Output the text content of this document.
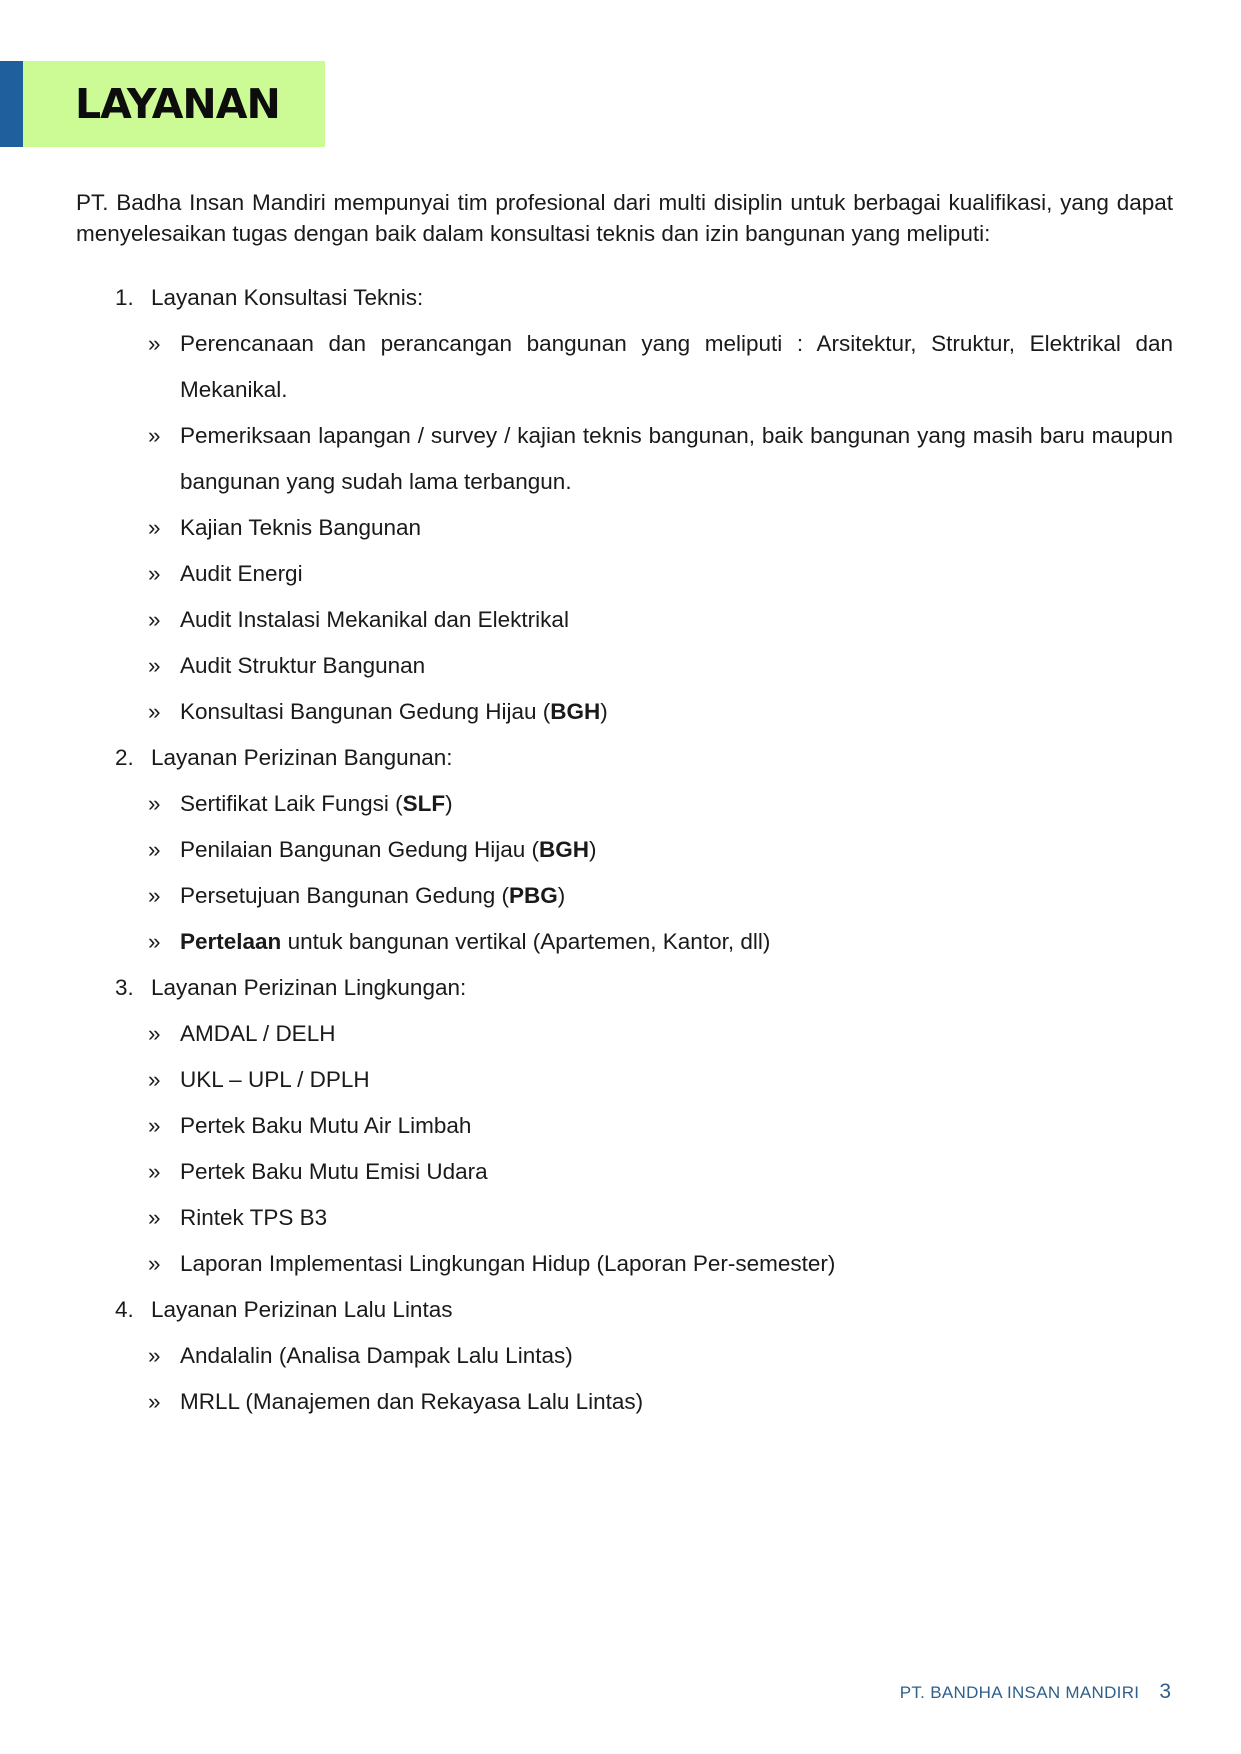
LAYANAN

PT. Badha Insan Mandiri mempunyai tim profesional dari multi disiplin untuk berbagai kualifikasi, yang dapat menyelesaikan tugas dengan baik dalam konsultasi teknis dan izin bangunan yang meliputi:

1. Layanan Konsultasi Teknis:
» Perencanaan dan perancangan bangunan yang meliputi : Arsitektur, Struktur, Elektrikal dan Mekanikal.
» Pemeriksaan lapangan / survey / kajian teknis bangunan, baik bangunan yang masih baru maupun bangunan yang sudah lama terbangun.
» Kajian Teknis Bangunan
» Audit Energi
» Audit Instalasi Mekanikal dan Elektrikal
» Audit Struktur Bangunan
» Konsultasi Bangunan Gedung Hijau (BGH)
2. Layanan Perizinan Bangunan:
» Sertifikat Laik Fungsi (SLF)
» Penilaian Bangunan Gedung Hijau (BGH)
» Persetujuan Bangunan Gedung (PBG)
» Pertelaan untuk bangunan vertikal (Apartemen, Kantor, dll)
3. Layanan Perizinan Lingkungan:
» AMDAL / DELH
» UKL – UPL / DPLH
» Pertek Baku Mutu Air Limbah
» Pertek Baku Mutu Emisi Udara
» Rintek TPS B3
» Laporan Implementasi Lingkungan Hidup (Laporan Per-semester)
4. Layanan Perizinan Lalu Lintas
» Andalalin (Analisa Dampak Lalu Lintas)
» MRLL (Manajemen dan Rekayasa Lalu Lintas)
PT. BANDHA INSAN MANDIRI 3
